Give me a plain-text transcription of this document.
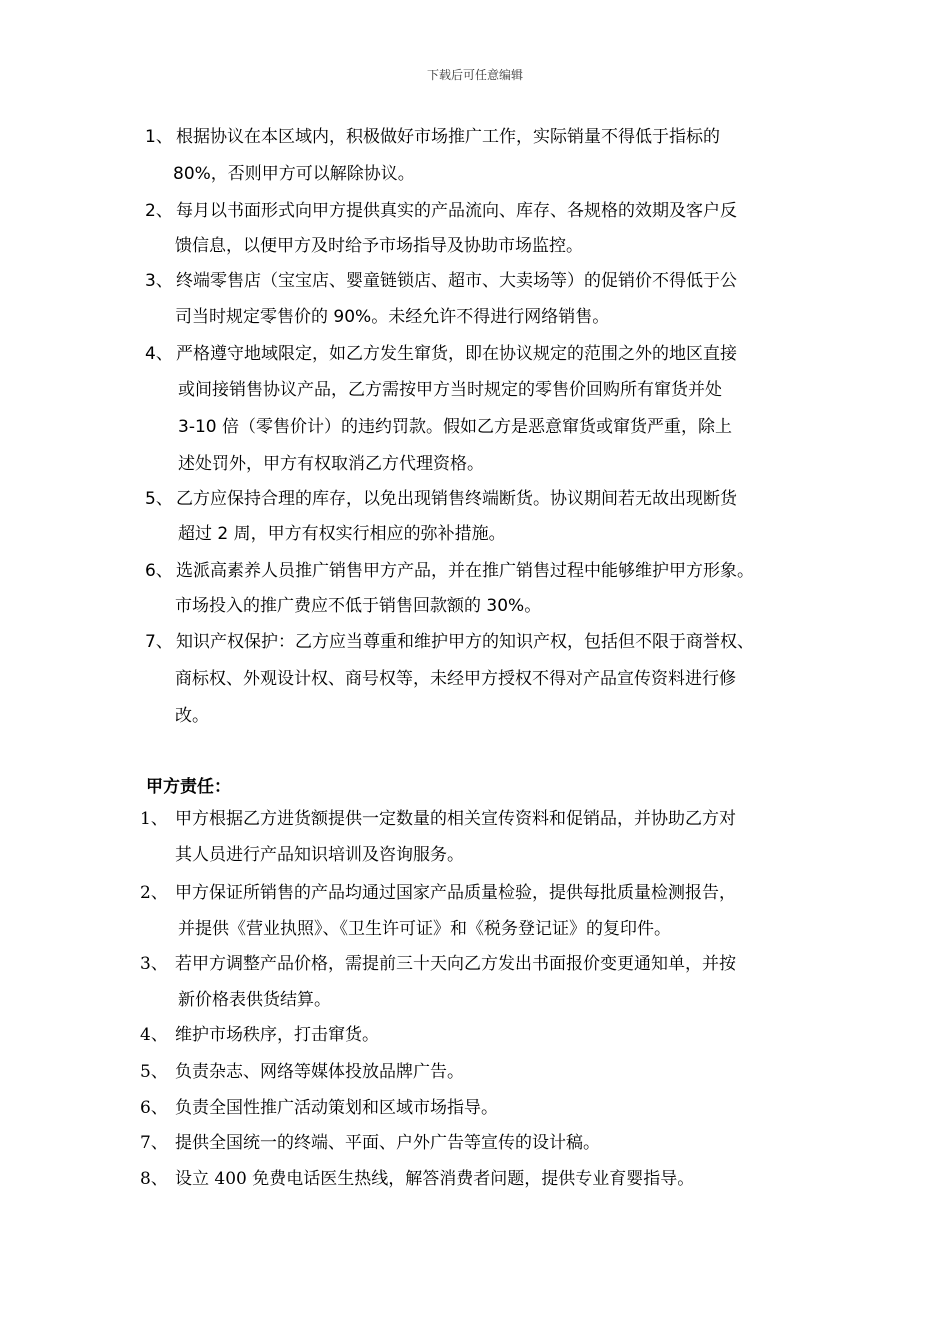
下载后可任意编辑
1、 根据协议在本区域内，积极做好市场推广工作，实际销量不得低于指标的
80%，否则甲方可以解除协议。
2、 每月以书面形式向甲方提供真实的产品流向、库存、各规格的效期及客户反
馈信息，以便甲方及时给予市场指导及协助市场监控。
3、 终端零售店（宝宝店、婴童链锁店、超市、大卖场等）的促销价不得低于公
司当时规定零售价的 90%。未经允许不得进行网络销售。
4、 严格遵守地域限定，如乙方发生窜货，即在协议规定的范围之外的地区直接
或间接销售协议产品，乙方需按甲方当时规定的零售价回购所有窜货并处
3-10 倍（零售价计）的违约罚款。假如乙方是恶意窜货或窜货严重，除上
述处罚外，甲方有权取消乙方代理资格。
5、 乙方应保持合理的库存，以免出现销售终端断货。协议期间若无故出现断货
超过 2 周，甲方有权实行相应的弥补措施。
6、 选派高素养人员推广销售甲方产品，并在推广销售过程中能够维护甲方形象。
市场投入的推广费应不低于销售回款额的 30%。
7、 知识产权保护：乙方应当尊重和维护甲方的知识产权，包括但不限于商誉权、
商标权、外观设计权、商号权等，未经甲方授权不得对产品宣传资料进行修
改。
甲方责任：
1、 甲方根据乙方进货额提供一定数量的相关宣传资料和促销品，并协助乙方对
其人员进行产品知识培训及咨询服务。
2、 甲方保证所销售的产品均通过国家产品质量检验，提供每批质量检测报告，
并提供《营业执照》、《卫生许可证》和《税务登记证》的复印件。
3、 若甲方调整产品价格，需提前三十天向乙方发出书面报价变更通知单，并按
新价格表供货结算。
4、 维护市场秩序，打击窜货。
5、 负责杂志、网络等媒体投放品牌广告。
6、 负责全国性推广活动策划和区域市场指导。
7、 提供全国统一的终端、平面、户外广告等宣传的设计稿。
8、 设立 400 免费电话医生热线，解答消费者问题，提供专业育婴指导。
